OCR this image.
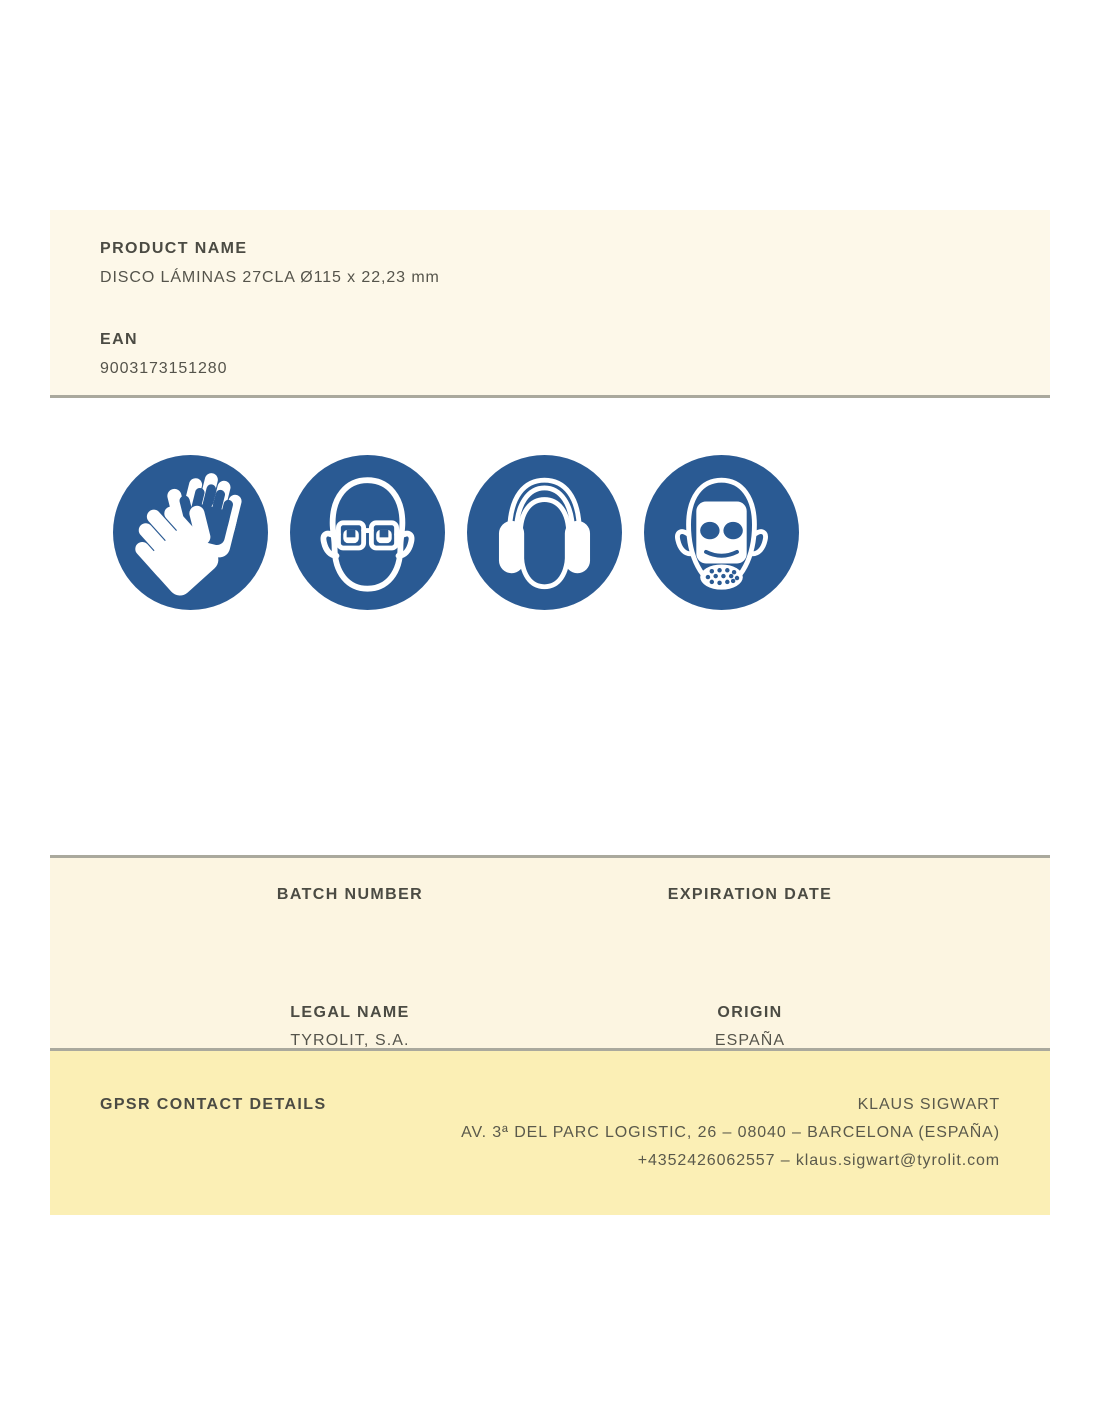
PRODUCT NAME
DISCO LÁMINAS 27CLA Ø115 x 22,23 mm
EAN
9003173151280
BATCH NUMBER
LEGAL NAME
TYROLIT, S.A.
EXPIRATION DATE
ORIGIN
ESPAÑA
GPSR CONTACT DETAILS	KLAUS SIGWART
AV. 3ª DEL PARC LOGISTIC, 26 – 08040 – BARCELONA (ESPAÑA)
+4352426062557 – klaus.sigwart@tyrolit.com
